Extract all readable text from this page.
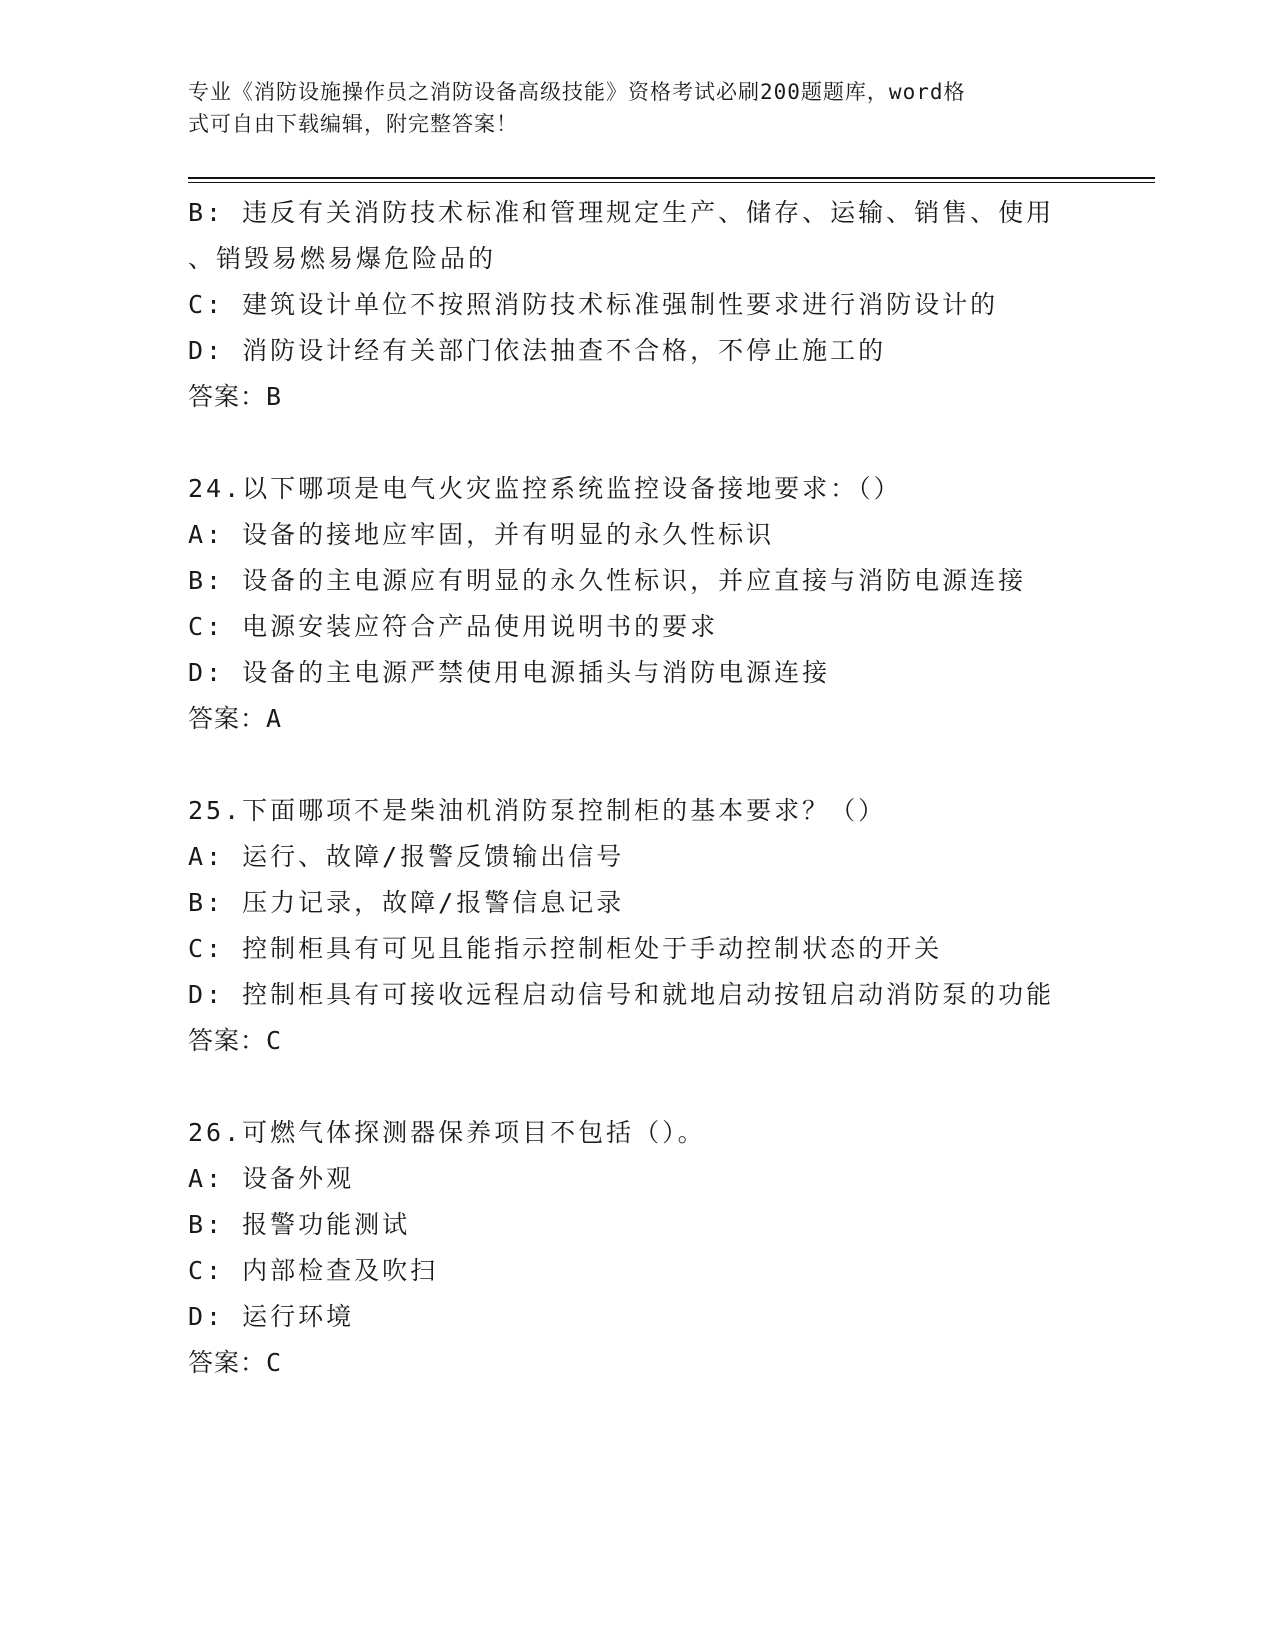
专业《消防设施操作员之消防设备高级技能》资格考试必刷200题题库，word格
式可自由下载编辑，附完整答案！
B: 违反有关消防技术标准和管理规定生产、储存、运输、销售、使用
、销毁易燃易爆危险品的
C: 建筑设计单位不按照消防技术标准强制性要求进行消防设计的
D: 消防设计经有关部门依法抽查不合格，不停止施工的
答案：B
24.以下哪项是电气火灾监控系统监控设备接地要求：（）
A: 设备的接地应牢固，并有明显的永久性标识
B: 设备的主电源应有明显的永久性标识，并应直接与消防电源连接
C: 电源安装应符合产品使用说明书的要求
D: 设备的主电源严禁使用电源插头与消防电源连接
答案：A
25.下面哪项不是柴油机消防泵控制柜的基本要求？（）
A: 运行、故障/报警反馈输出信号
B: 压力记录，故障/报警信息记录
C: 控制柜具有可见且能指示控制柜处于手动控制状态的开关
D: 控制柜具有可接收远程启动信号和就地启动按钮启动消防泵的功能
答案：C
26.可燃气体探测器保养项目不包括（）。
A: 设备外观
B: 报警功能测试
C: 内部检查及吹扫
D: 运行环境
答案：C
